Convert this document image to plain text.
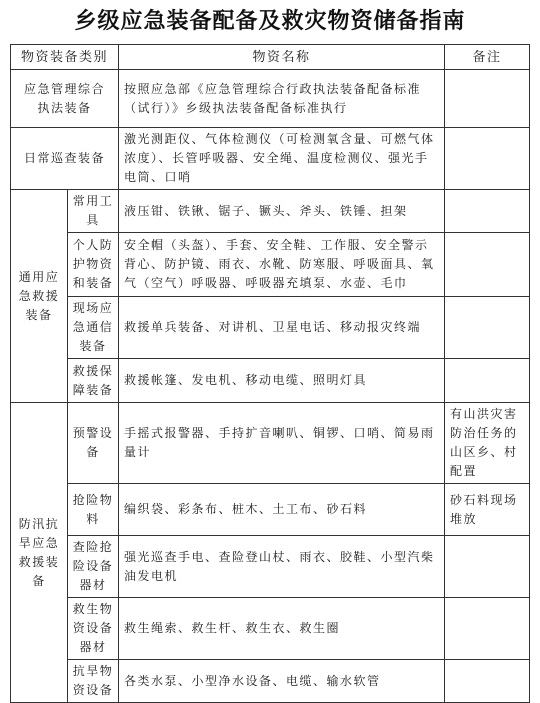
乡级应急装备配备及救灾物资储备指南
物资装备类别		物资名称	备注
应急管理综合执法装备		按照应急部《应急管理综合行政执法装备配备标准（试行）》乡级执法装备配备标准执行	
日常巡查装备		激光测距仪、气体检测仪（可检测氧含量、可燃气体浓度）、长管呼吸器、安全绳、温度检测仪、强光手电筒、口哨	
通用应急救援装备	常用工具	液压钳、铁锹、锯子、镢头、斧头、铁锤、担架	
	个人防护物资和装备	安全帽（头盔）、手套、安全鞋、工作服、安全警示背心、防护镜、雨衣、水靴、防寒服、呼吸面具、氧气（空气）呼吸器、呼吸器充填泵、水壶、毛巾	
	现场应急通信装备	救援单兵装备、对讲机、卫星电话、移动报灾终端	
	救援保障装备	救援帐篷、发电机、移动电缆、照明灯具	
防汛抗旱应急救援装备	预警设备	手摇式报警器、手持扩音喇叭、铜锣、口哨、简易雨量计	有山洪灾害防治任务的山区乡、村配置
	抢险物料	编织袋、彩条布、桩木、土工布、砂石料	砂石料现场堆放
	查险抢险设备器材	强光巡查手电、查险登山杖、雨衣、胶鞋、小型汽柴油发电机	
	救生物资设备器材	救生绳索、救生杆、救生衣、救生圈	
	抗旱物资设备	各类水泵、小型净水设备、电缆、输水软管	
